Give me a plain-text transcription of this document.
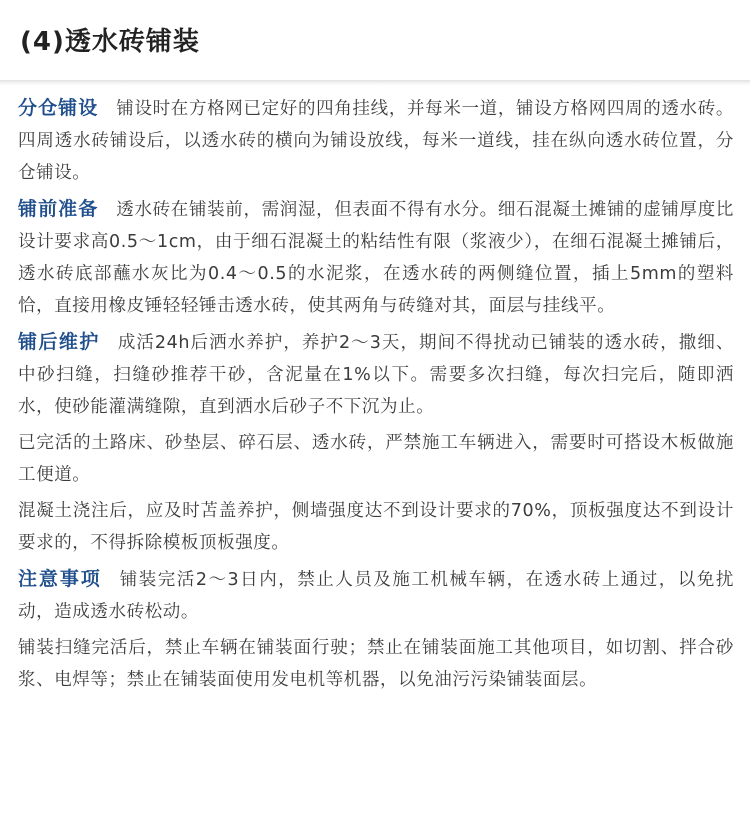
(4)透水砖铺装

分仓铺设 铺设时在方格网已定好的四角挂线，并每米一道，铺设方格网四周的透水砖。四周透水砖铺设后，以透水砖的横向为铺设放线，每米一道线，挂在纵向透水砖位置，分仓铺设。

铺前准备 透水砖在铺装前，需润湿，但表面不得有水分。细石混凝土摊铺的虚铺厚度比设计要求高0.5～1cm，由于细石混凝土的粘结性有限（浆液少），在细石混凝土摊铺后，透水砖底部蘸水灰比为0.4～0.5的水泥浆，在透水砖的两侧缝位置，插上5mm的塑料恰，直接用橡皮锤轻轻锤击透水砖，使其两角与砖缝对其，面层与挂线平。

铺后维护 成活24h后洒水养护，养护2～3天，期间不得扰动已铺装的透水砖，撒细、中砂扫缝，扫缝砂推荐干砂，含泥量在1%以下。需要多次扫缝，每次扫完后，随即洒水，使砂能灌满缝隙，直到洒水后砂子不下沉为止。

已完活的土路床、砂垫层、碎石层、透水砖，严禁施工车辆进入，需要时可搭设木板做施工便道。

混凝土浇注后，应及时苫盖养护，侧墙强度达不到设计要求的70%，顶板强度达不到设计要求的，不得拆除模板顶板强度。

注意事项 铺装完活2～3日内，禁止人员及施工机械车辆，在透水砖上通过，以免扰动，造成透水砖松动。

铺装扫缝完活后，禁止车辆在铺装面行驶；禁止在铺装面施工其他项目，如切割、拌合砂浆、电焊等；禁止在铺装面使用发电机等机器，以免油污污染铺装面层。
